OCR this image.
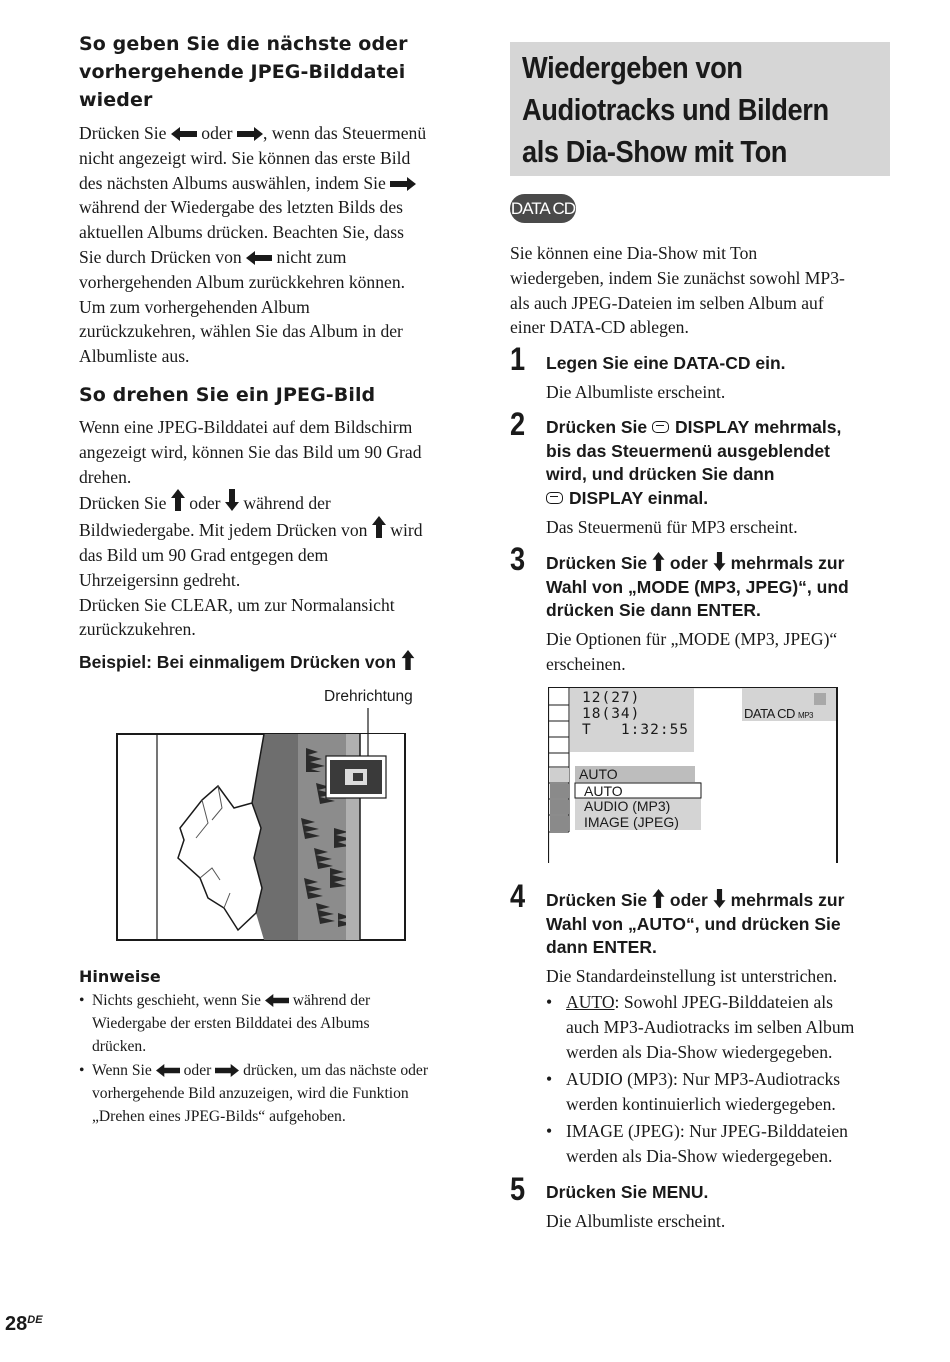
So geben Sie die nächste oder
vorhergehende JPEG-Bilddatei
wieder
Drücken Sie oder , wenn das Steuermenü
nicht angezeigt wird. Sie können das erste Bild
des nächsten Albums auswählen, indem Sie
während der Wiedergabe des letzten Bilds des
aktuellen Albums drücken. Beachten Sie, dass
Sie durch Drücken von nicht zum
vorhergehenden Album zurückkehren können.
Um zum vorhergehenden Album
zurückzukehren, wählen Sie das Album in der
Albumliste aus.
So drehen Sie ein JPEG-Bild
Wenn eine JPEG-Bilddatei auf dem Bildschirm
angezeigt wird, können Sie das Bild um 90 Grad
drehen.
Drücken Sie oder während der
Bildwiedergabe. Mit jedem Drücken von wird
das Bild um 90 Grad entgegen dem
Uhrzeigersinn gedreht.
Drücken Sie CLEAR, um zur Normalansicht
zurückzukehren.
Beispiel: Bei einmaligem Drücken von
Drehrichtung
Hinweise
• Nichts geschieht, wenn Sie während der
Wiedergabe der ersten Bilddatei des Albums
drücken.
• Wenn Sie oder drücken, um das nächste oder
vorhergehende Bild anzuzeigen, wird die Funktion
„Drehen eines JPEG-Bilds“ aufgehoben.
Wiedergeben von
Audiotracks und Bildern
als Dia-Show mit Ton
DATA CD
Sie können eine Dia-Show mit Ton
wiedergeben, indem Sie zunächst sowohl MP3-
als auch JPEG-Dateien im selben Album auf
einer DATA-CD ablegen.
1 Legen Sie eine DATA-CD ein.
Die Albumliste erscheint.
2 Drücken Sie DISPLAY mehrmals,
bis das Steuermenü ausgeblendet
wird, und drücken Sie dann
DISPLAY einmal.
Das Steuermenü für MP3 erscheint.
3 Drücken Sie oder mehrmals zur
Wahl von „MODE (MP3, JPEG)“, und
drücken Sie dann ENTER.
Die Optionen für „MODE (MP3, JPEG)“
erscheinen.
12(27)
18(34)
T   1:32:55
DATA CD MP3
AUTO
AUTO
AUDIO (MP3)
IMAGE (JPEG)
4 Drücken Sie oder mehrmals zur
Wahl von „AUTO“, und drücken Sie
dann ENTER.
Die Standardeinstellung ist unterstrichen.
• AUTO: Sowohl JPEG-Bilddateien als
auch MP3-Audiotracks im selben Album
werden als Dia-Show wiedergegeben.
• AUDIO (MP3): Nur MP3-Audiotracks
werden kontinuierlich wiedergegeben.
• IMAGE (JPEG): Nur JPEG-Bilddateien
werden als Dia-Show wiedergegeben.
5 Drücken Sie MENU.
Die Albumliste erscheint.
28DE
